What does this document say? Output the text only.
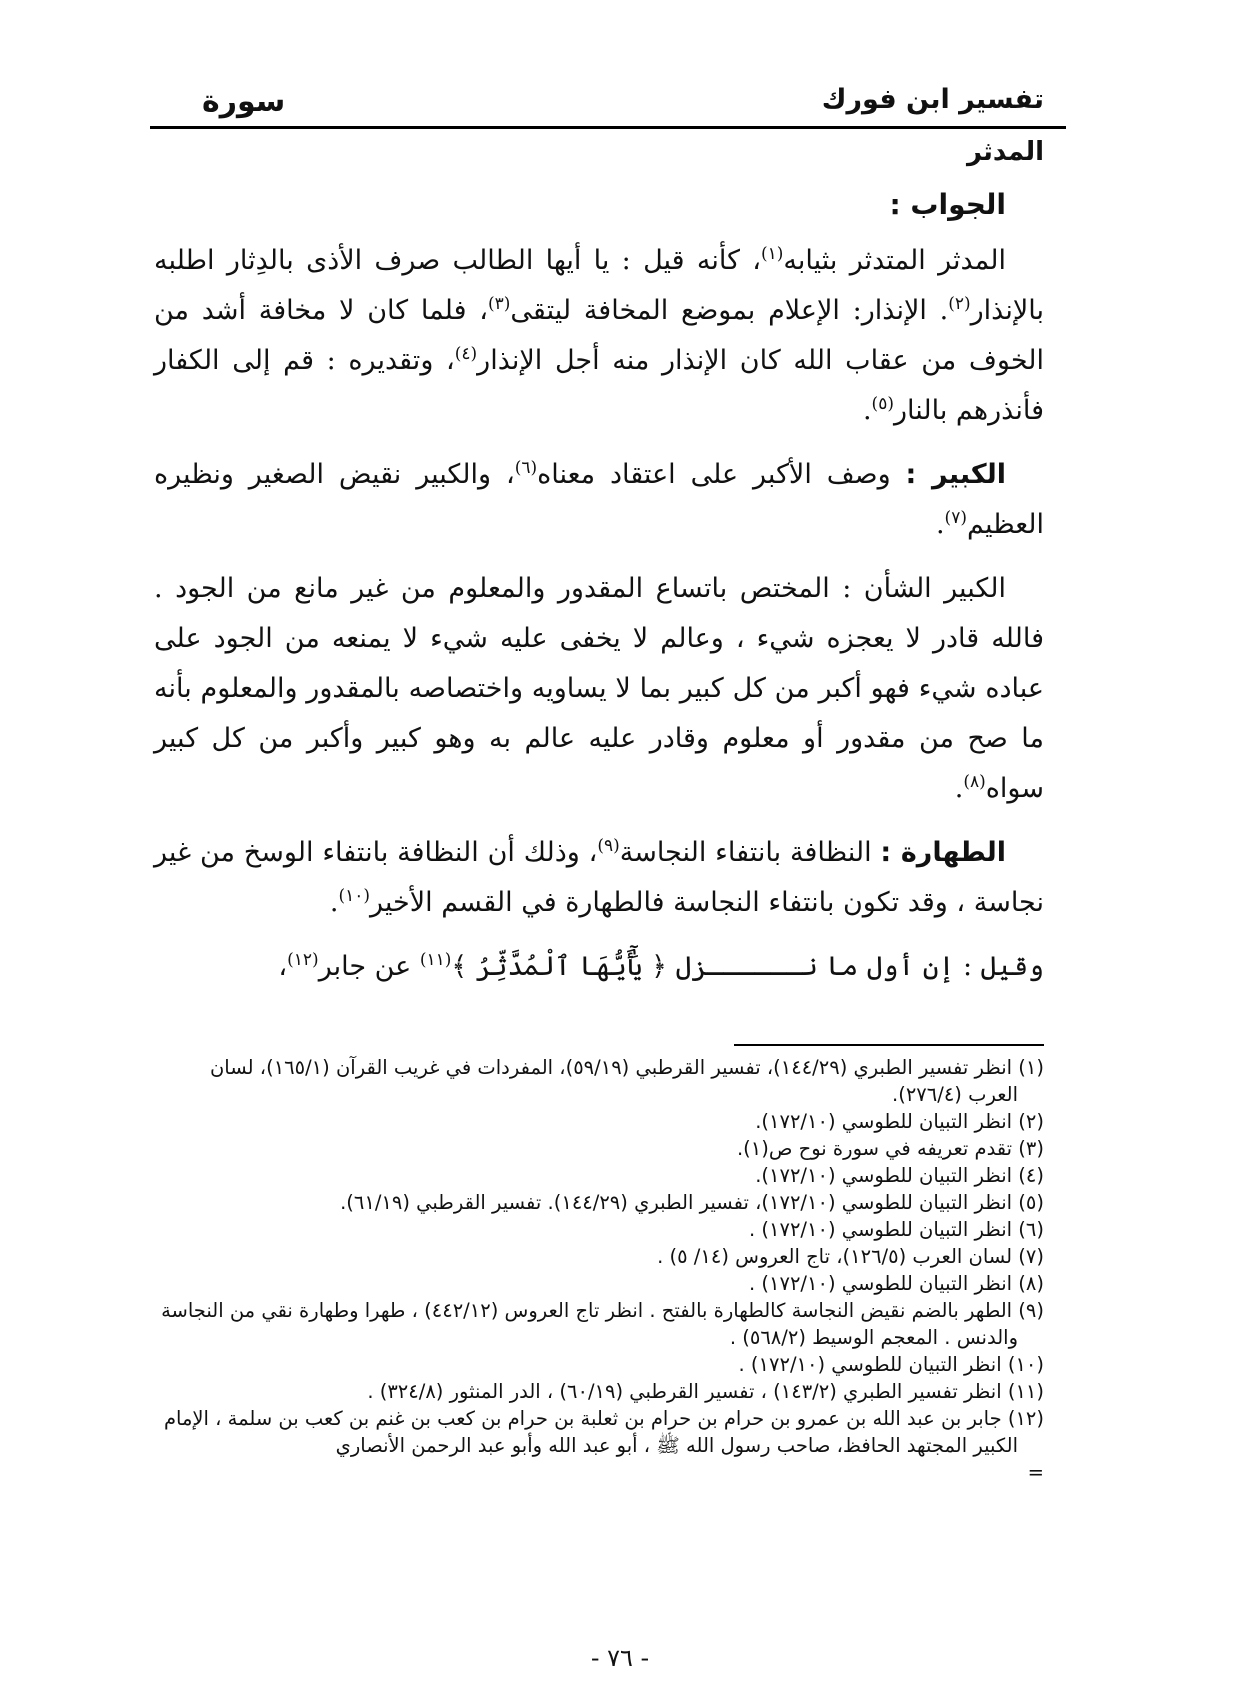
تفسير ابن فورك
سورة
المدثر
الجواب :

المدثر المتدثر بثيابه$^{(١)}$، كأنه قيل : يا أيها الطالب صرف الأذى بالدِثار اطلبه بالإنذار$^{(٢)}$. الإنذار: الإعلام بموضع المخافة ليتقى$^{(٣)}$، فلما كان لا مخافة أشد من الخوف من عقاب الله كان الإنذار منه أجل الإنذار$^{(٤)}$، وتقديره : قم إلى الكفار فأنذرهم بالنار$^{(٥)}$.

الكبير : وصف الأكبر على اعتقاد معناه$^{(٦)}$، والكبير نقيض الصغير ونظيره العظيم$^{(٧)}$.

الكبير الشأن : المختص باتساع المقدور والمعلوم من غير مانع من الجود . فالله قادر لا يعجزه شيء ، وعالم لا يخفى عليه شيء لا يمنعه من الجود على عباده شيء فهو أكبر من كل كبير بما لا يساويه واختصاصه بالمقدور والمعلوم بأنه ما صح من مقدور أو معلوم وقادر عليه عالم به وهو كبير وأكبر من كل كبير سواه$^{(٨)}$.

الطهارة : النظافة بانتفاء النجاسة$^{(٩)}$، وذلك أن النظافة بانتفاء الوسخ من غير نجاسة ، وقد تكون بانتفاء النجاسة فالطهارة في القسم الأخير$^{(١٠)}$.

وقيل : إن أول ما نــــــزل ﴿ يَٰٓأَيُّهَا ٱلْمُدَّثِّرُ ﴾$^{(١١)}$ عن جابر$^{(١٢)}$،

(١) انظر تفسير الطبري (١٤٤/٢٩)، تفسير القرطبي (٥٩/١٩)، المفردات في غريب القرآن (١٦٥/١)، لسان العرب (٢٧٦/٤).

(٢) انظر التبيان للطوسي (١٧٢/١٠).

(٣) تقدم تعريفه في سورة نوح ص(١).

(٤) انظر التبيان للطوسي (١٧٢/١٠).

(٥) انظر التبيان للطوسي (١٧٢/١٠)، تفسير الطبري (١٤٤/٢٩). تفسير القرطبي (٦١/١٩).

(٦) انظر التبيان للطوسي (١٧٢/١٠) .

(٧) لسان العرب (١٢٦/٥)، تاج العروس (١٤/ ٥) .

(٨) انظر التبيان للطوسي (١٧٢/١٠) .

(٩) الطهر بالضم نقيض النجاسة كالطهارة بالفتح . انظر تاج العروس (٤٤٢/١٢) ، طهرا وطهارة نقي من النجاسة والدنس . المعجم الوسيط (٥٦٨/٢) .

(١٠) انظر التبيان للطوسي (١٧٢/١٠) .

(١١) انظر تفسير الطبري (١٤٣/٢) ، تفسير القرطبي (٦٠/١٩) ، الدر المنثور (٣٢٤/٨) .

(١٢) جابر بن عبد الله بن عمرو بن حرام بن حرام بن ثعلبة بن حرام بن كعب بن غنم بن كعب بن سلمة ، الإمام الكبير المجتهد الحافظ، صاحب رسول الله ﷺ ، أبو عبد الله وأبو عبد الرحمن الأنصاري

=

- ٧٦ -
